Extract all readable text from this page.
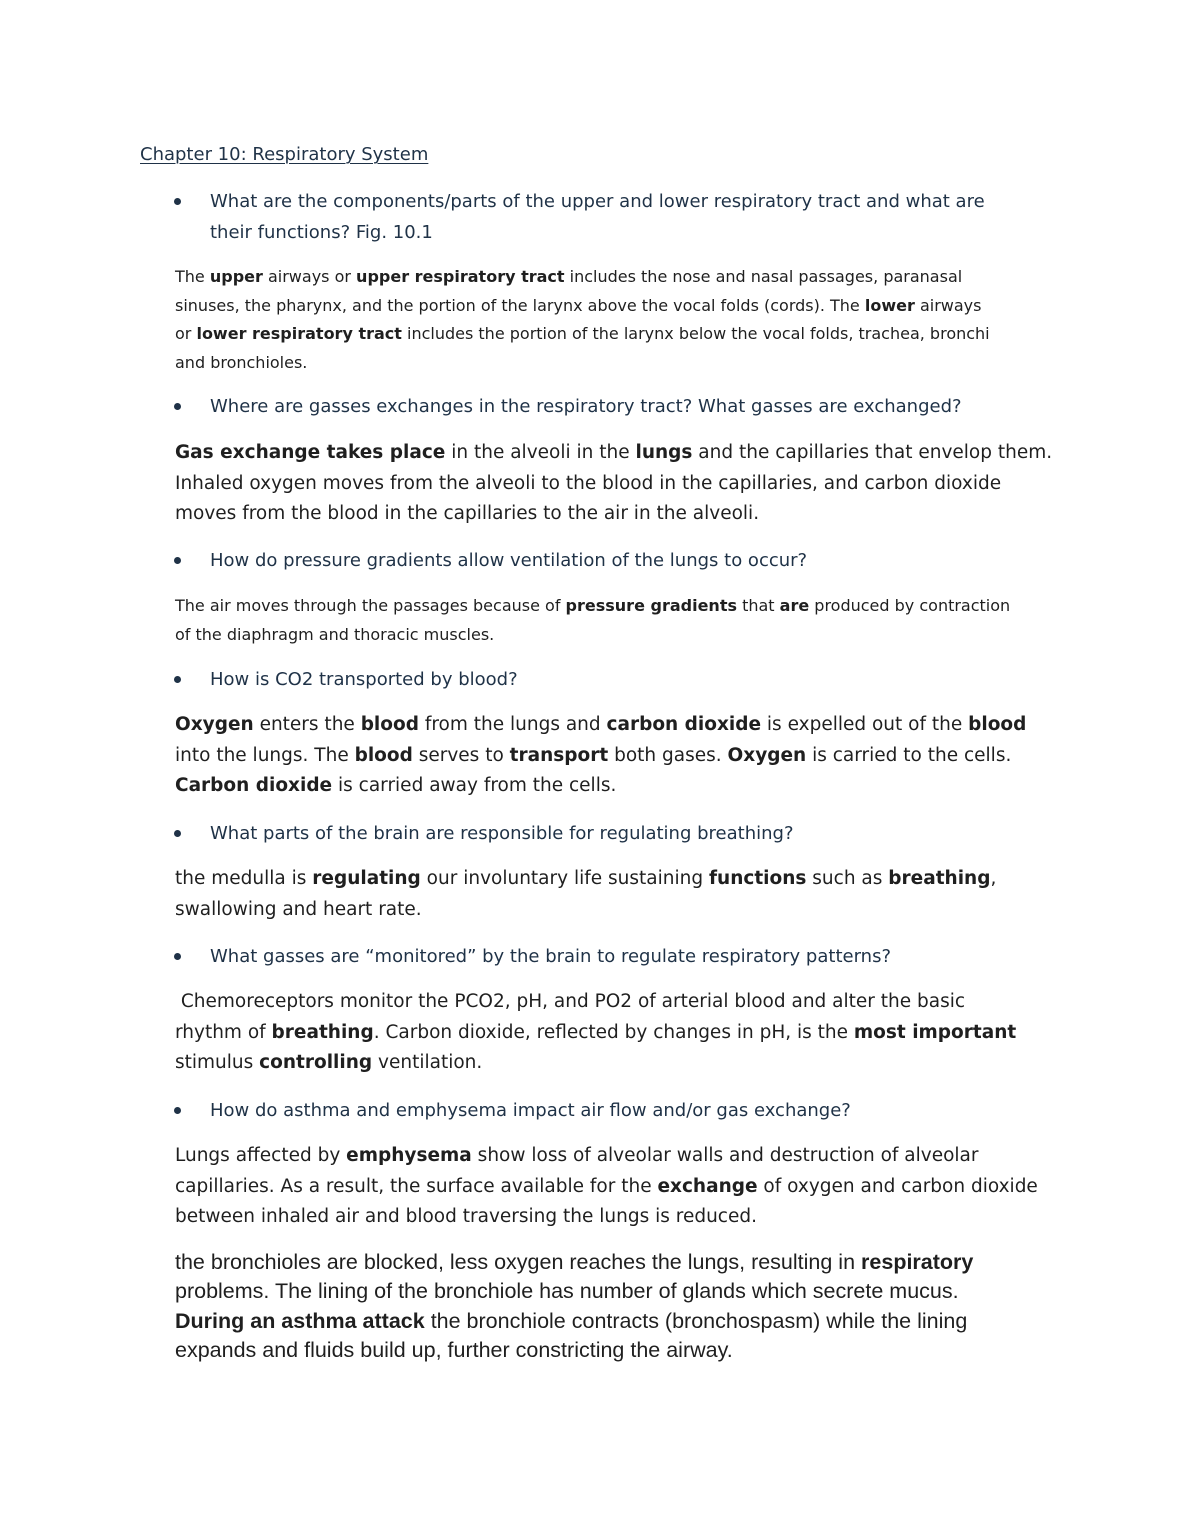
Chapter 10: Respiratory System

What are the components/parts of the upper and lower respiratory tract and what are
their functions? Fig. 10.1
The upper airways or upper respiratory tract includes the nose and nasal passages, paranasal
sinuses, the pharynx, and the portion of the larynx above the vocal folds (cords). The lower airways
or lower respiratory tract includes the portion of the larynx below the vocal folds, trachea, bronchi
and bronchioles.
Where are gasses exchanges in the respiratory tract? What gasses are exchanged?
Gas exchange takes place in the alveoli in the lungs and the capillaries that envelop them.
Inhaled oxygen moves from the alveoli to the blood in the capillaries, and carbon dioxide
moves from the blood in the capillaries to the air in the alveoli.
How do pressure gradients allow ventilation of the lungs to occur?
The air moves through the passages because of pressure gradients that are produced by contraction
of the diaphragm and thoracic muscles.
How is CO2 transported by blood?
Oxygen enters the blood from the lungs and carbon dioxide is expelled out of the blood
into the lungs. The blood serves to transport both gases. Oxygen is carried to the cells.
Carbon dioxide is carried away from the cells.
What parts of the brain are responsible for regulating breathing?
the medulla is regulating our involuntary life sustaining functions such as breathing,
swallowing and heart rate.
What gasses are “monitored” by the brain to regulate respiratory patterns?
Chemoreceptors monitor the PCO2, pH, and PO2 of arterial blood and alter the basic
rhythm of breathing. Carbon dioxide, reflected by changes in pH, is the most important
stimulus controlling ventilation.
How do asthma and emphysema impact air flow and/or gas exchange?
Lungs affected by emphysema show loss of alveolar walls and destruction of alveolar
capillaries. As a result, the surface available for the exchange of oxygen and carbon dioxide
between inhaled air and blood traversing the lungs is reduced.
the bronchioles are blocked, less oxygen reaches the lungs, resulting in respiratory
problems. The lining of the bronchiole has number of glands which secrete mucus.
During an asthma attack the bronchiole contracts (bronchospasm) while the lining
expands and fluids build up, further constricting the airway.
